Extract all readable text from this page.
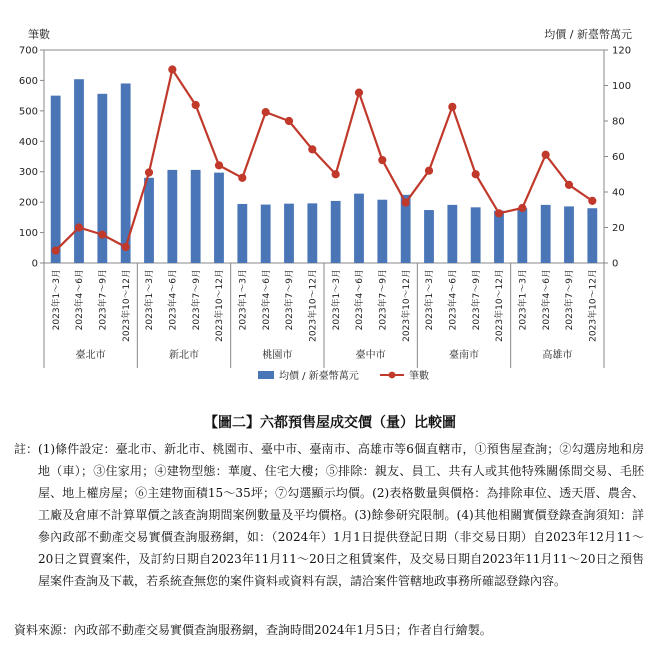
筆數	均價 / 新臺幣萬元
0
100
200
300
400
500
600
700
0
20
40
60
80
100
120
2023年1～3月 2023年4～6月 2023年7～9月 2023年10～12月 2023年1～3月 2023年4～6月 2023年7～9月 2023年10～12月 2023年1～3月 2023年4～6月 2023年7～9月 2023年10～12月 2023年1～3月 2023年4～6月 2023年7～9月 2023年10～12月 2023年1～3月 2023年4～6月 2023年7～9月 2023年10～12月 2023年1～3月 2023年4～6月 2023年7～9月 2023年10～12月
臺北市	新北市	桃園市	臺中市	臺南市	高雄市
均價 / 新臺幣萬元	筆數
【圖二】六都預售屋成交價（量）比較圖
註： (1)條件設定：臺北市、新北市、桃園市、臺中市、臺南市、高雄市等6個直轄市，①預售屋查詢；②勾選房地和房地（車）；③住家用；④建物型態：華廈、住宅大樓；⑤排除：親友、員工、共有人或其他特殊關係間交易、毛胚屋、地上權房屋；⑥主建物面積15～35坪；⑦勾選顯示均價。(2)表格數量與價格：為排除車位、透天厝、農舍、工廠及倉庫不計算單價之該查詢期間案例數量及平均價格。(3)餘參研究限制。(4)其他相關實價登錄查詢須知：詳參內政部不動產交易實價查詢服務網，如：（2024年）1月1日提供登記日期（非交易日期）自2023年12月11～20日之買賣案件，及訂約日期自2023年11月11～20日之租賃案件，及交易日期自2023年11月11～20日之預售屋案件查詢及下載，若系統查無您的案件資料或資料有誤，請洽案件管轄地政事務所確認登錄內容。
資料來源：內政部不動產交易實價查詢服務網，查詢時間2024年1月5日；作者自行繪製。
